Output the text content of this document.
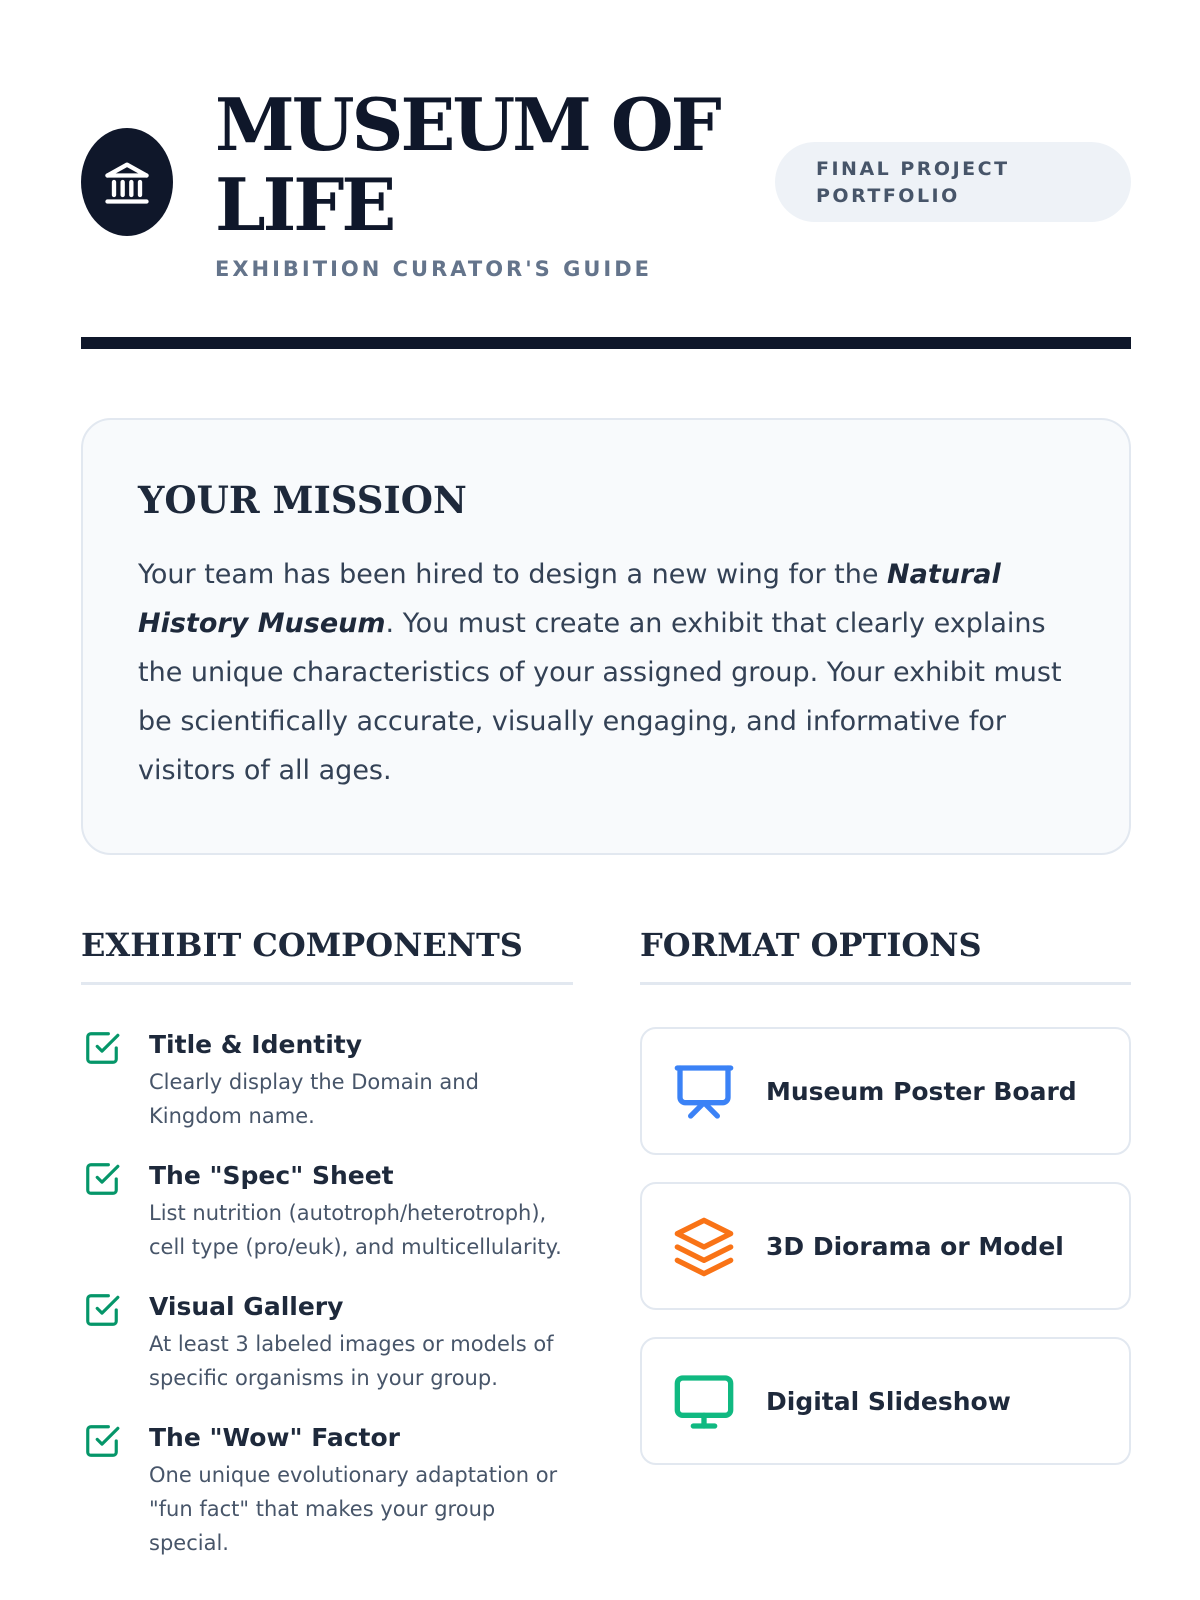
MUSEUM OF LIFE
EXHIBITION CURATOR'S GUIDE
FINAL PROJECT PORTFOLIO
YOUR MISSION
Your team has been hired to design a new wing for the Natural History Museum. You must create an exhibit that clearly explains the unique characteristics of your assigned group. Your exhibit must be scientifically accurate, visually engaging, and informative for visitors of all ages.
EXHIBIT COMPONENTS	FORMAT OPTIONS
Title & Identity
Clearly display the Domain and Kingdom name.
The "Spec" Sheet
List nutrition (autotroph/heterotroph), cell type (pro/euk), and multicellularity.
Visual Gallery
At least 3 labeled images or models of specific organisms in your group.
The "Wow" Factor
One unique evolutionary adaptation or "fun fact" that makes your group special.
Museum Poster Board
3D Diorama or Model
Digital Slideshow
